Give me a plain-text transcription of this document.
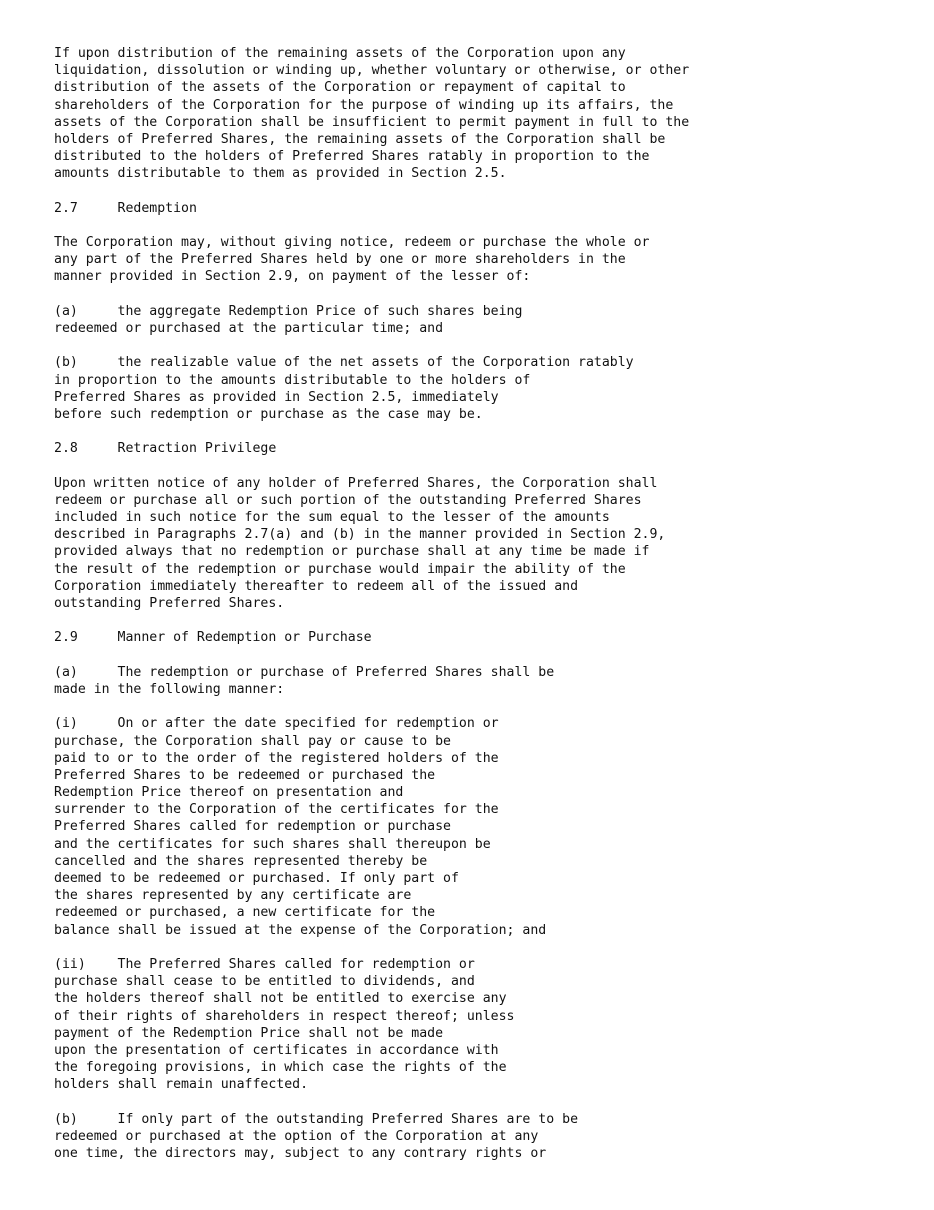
If upon distribution of the remaining assets of the Corporation upon any
liquidation, dissolution or winding up, whether voluntary or otherwise, or other
distribution of the assets of the Corporation or repayment of capital to
shareholders of the Corporation for the purpose of winding up its affairs, the
assets of the Corporation shall be insufficient to permit payment in full to the
holders of Preferred Shares, the remaining assets of the Corporation shall be
distributed to the holders of Preferred Shares ratably in proportion to the
amounts distributable to them as provided in Section 2.5.
2.7     Redemption
The Corporation may, without giving notice, redeem or purchase the whole or
any part of the Preferred Shares held by one or more shareholders in the
manner provided in Section 2.9, on payment of the lesser of:
(a)     the aggregate Redemption Price of such shares being
redeemed or purchased at the particular time; and
(b)     the realizable value of the net assets of the Corporation ratably
in proportion to the amounts distributable to the holders of
Preferred Shares as provided in Section 2.5, immediately
before such redemption or purchase as the case may be.
2.8     Retraction Privilege
Upon written notice of any holder of Preferred Shares, the Corporation shall
redeem or purchase all or such portion of the outstanding Preferred Shares
included in such notice for the sum equal to the lesser of the amounts
described in Paragraphs 2.7(a) and (b) in the manner provided in Section 2.9,
provided always that no redemption or purchase shall at any time be made if
the result of the redemption or purchase would impair the ability of the
Corporation immediately thereafter to redeem all of the issued and
outstanding Preferred Shares.
2.9     Manner of Redemption or Purchase
(a)     The redemption or purchase of Preferred Shares shall be
made in the following manner:
(i)     On or after the date specified for redemption or
purchase, the Corporation shall pay or cause to be
paid to or to the order of the registered holders of the
Preferred Shares to be redeemed or purchased the
Redemption Price thereof on presentation and
surrender to the Corporation of the certificates for the
Preferred Shares called for redemption or purchase
and the certificates for such shares shall thereupon be
cancelled and the shares represented thereby be
deemed to be redeemed or purchased. If only part of
the shares represented by any certificate are
redeemed or purchased, a new certificate for the
balance shall be issued at the expense of the Corporation; and
(ii)    The Preferred Shares called for redemption or
purchase shall cease to be entitled to dividends, and
the holders thereof shall not be entitled to exercise any
of their rights of shareholders in respect thereof; unless
payment of the Redemption Price shall not be made
upon the presentation of certificates in accordance with
the foregoing provisions, in which case the rights of the
holders shall remain unaffected.
(b)     If only part of the outstanding Preferred Shares are to be
redeemed or purchased at the option of the Corporation at any
one time, the directors may, subject to any contrary rights or
